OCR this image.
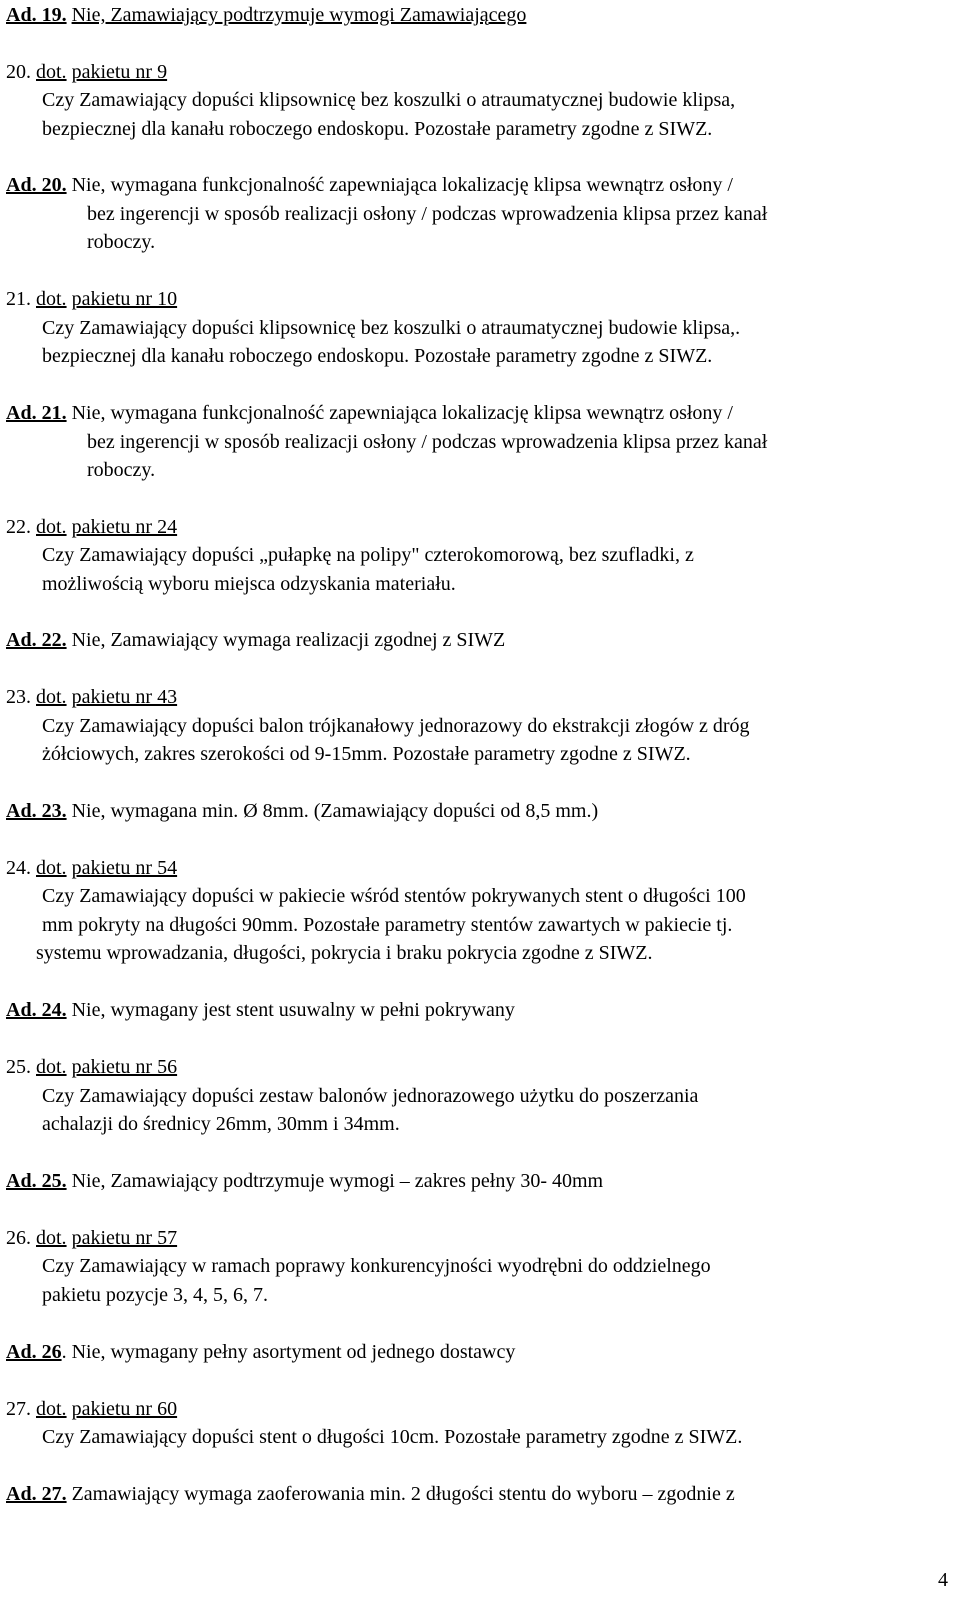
Ad. 19. Nie, Zamawiający podtrzymuje wymogi Zamawiającego
20. dot. pakietu nr 9
Czy Zamawiający dopuści klipsownicę bez koszulki o atraumatycznej budowie klipsa,
bezpiecznej dla kanału roboczego endoskopu. Pozostałe parametry zgodne z SIWZ.
Ad. 20. Nie, wymagana funkcjonalność zapewniająca lokalizację klipsa wewnątrz osłony /
bez ingerencji w sposób realizacji osłony / podczas wprowadzenia klipsa przez kanał
roboczy.
21. dot. pakietu nr 10
Czy Zamawiający dopuści klipsownicę bez koszulki o atraumatycznej budowie klipsa,.
bezpiecznej dla kanału roboczego endoskopu. Pozostałe parametry zgodne z SIWZ.
Ad. 21. Nie, wymagana funkcjonalność zapewniająca lokalizację klipsa wewnątrz osłony /
bez ingerencji w sposób realizacji osłony / podczas wprowadzenia klipsa przez kanał
roboczy.
22. dot. pakietu nr 24
Czy Zamawiający dopuści „pułapkę na polipy" czterokomorową, bez szufladki, z
możliwością wyboru miejsca odzyskania materiału.
Ad. 22. Nie, Zamawiający wymaga realizacji zgodnej z SIWZ
23. dot. pakietu nr 43
Czy Zamawiający dopuści balon trójkanałowy jednorazowy do ekstrakcji złogów z dróg
żółciowych, zakres szerokości od 9-15mm. Pozostałe parametry zgodne z SIWZ.
Ad. 23. Nie, wymagana min. Ø 8mm. (Zamawiający dopuści od 8,5 mm.)
24. dot. pakietu nr 54
Czy Zamawiający dopuści w pakiecie wśród stentów pokrywanych stent o długości 100
mm pokryty na długości 90mm. Pozostałe parametry stentów zawartych w pakiecie tj.
systemu wprowadzania, długości, pokrycia i braku pokrycia zgodne z SIWZ.
Ad. 24. Nie, wymagany jest stent usuwalny w pełni pokrywany
25. dot. pakietu nr 56
Czy Zamawiający dopuści zestaw balonów jednorazowego użytku do poszerzania
achalazji do średnicy 26mm, 30mm i 34mm.
Ad. 25. Nie, Zamawiający podtrzymuje wymogi – zakres pełny 30- 40mm
26. dot. pakietu nr 57
Czy Zamawiający w ramach poprawy konkurencyjności wyodrębni do oddzielnego
pakietu pozycje 3, 4, 5, 6, 7.
Ad. 26. Nie, wymagany pełny asortyment od jednego dostawcy
27. dot. pakietu nr 60
Czy Zamawiający dopuści stent o długości 10cm. Pozostałe parametry zgodne z SIWZ.
Ad. 27. Zamawiający wymaga zaoferowania min. 2 długości stentu do wyboru – zgodnie z
4
